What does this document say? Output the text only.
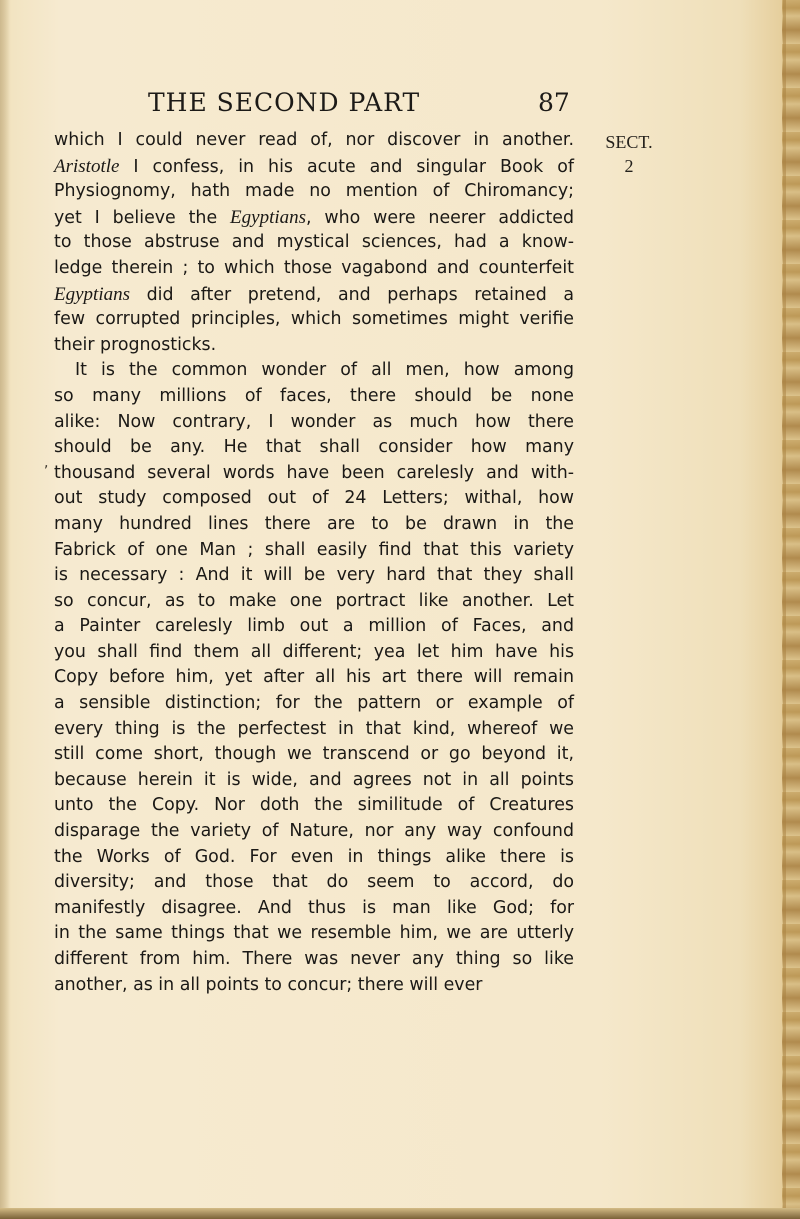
THE SECOND PART	87
SECT.
2
,
which I could never read of, nor discover in another.
Aristotle I confess, in his acute and singular Book of
Physiognomy, hath made no mention of Chiromancy;
yet I believe the Egyptians, who were neerer addicted
to those abstruse and mystical sciences, had a know-
ledge therein ; to which those vagabond and counterfeit
Egyptians did after pretend, and perhaps retained a
few corrupted principles, which sometimes might verifie
their prognosticks.
It is the common wonder of all men, how among
so many millions of faces, there should be none
alike: Now contrary, I wonder as much how there
should be any. He that shall consider how many
thousand several words have been carelesly and with-
out study composed out of 24 Letters; withal, how
many hundred lines there are to be drawn in the
Fabrick of one Man ; shall easily find that this variety
is necessary : And it will be very hard that they shall
so concur, as to make one portract like another. Let
a Painter carelesly limb out a million of Faces, and
you shall find them all different; yea let him have his
Copy before him, yet after all his art there will remain
a sensible distinction; for the pattern or example of
every thing is the perfectest in that kind, whereof we
still come short, though we transcend or go beyond it,
because herein it is wide, and agrees not in all points
unto the Copy. Nor doth the similitude of Creatures
disparage the variety of Nature, nor any way confound
the Works of God. For even in things alike there is
diversity; and those that do seem to accord, do
manifestly disagree. And thus is man like God; for
in the same things that we resemble him, we are utterly
different from him. There was never any thing so like
another, as in all points to concur; there will ever
